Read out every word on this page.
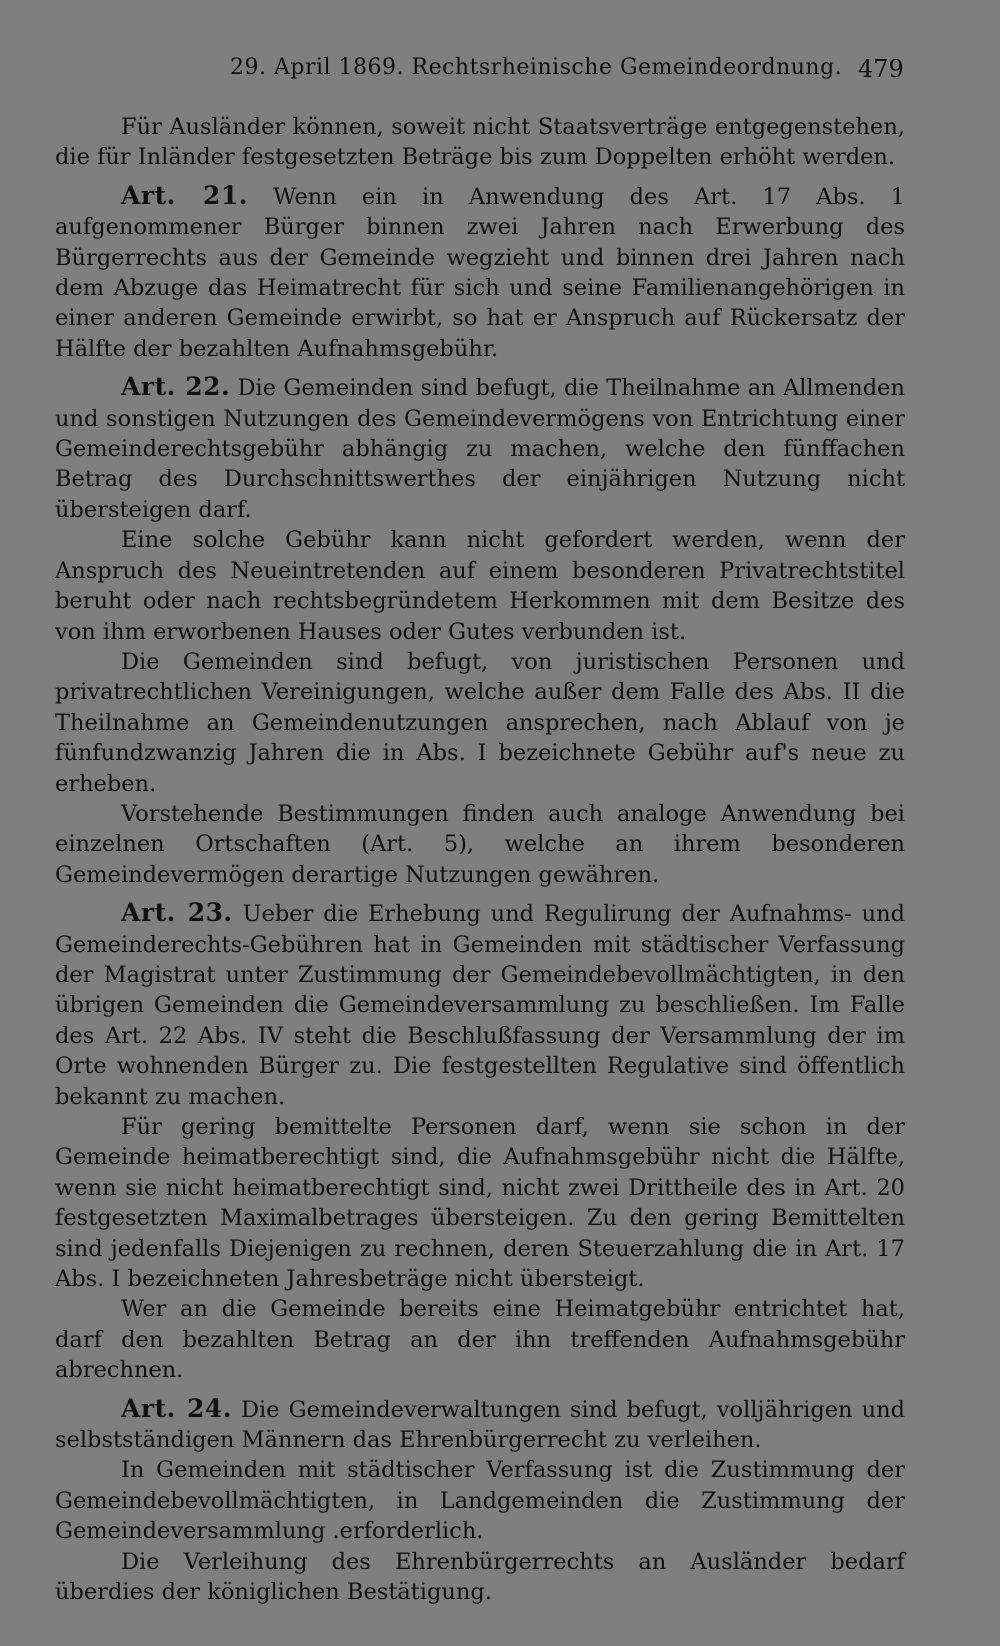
29. April 1869. Rechtsrheinische Gemeindeordnung. 479

Für Ausländer können, soweit nicht Staatsverträge entgegenstehen, die für Inländer festgesetzten Beträge bis zum Doppelten erhöht werden.

Art. 21. Wenn ein in Anwendung des Art. 17 Abs. 1 aufgenommener Bürger binnen zwei Jahren nach Erwerbung des Bürgerrechts aus der Gemeinde wegzieht und binnen drei Jahren nach dem Abzuge das Heimatrecht für sich und seine Familienangehörigen in einer anderen Gemeinde erwirbt, so hat er Anspruch auf Rückersatz der Hälfte der bezahlten Aufnahmsgebühr.

Art. 22. Die Gemeinden sind befugt, die Theilnahme an Allmenden und sonstigen Nutzungen des Gemeindevermögens von Entrichtung einer Gemeinderechtsgebühr abhängig zu machen, welche den fünffachen Betrag des Durchschnittswerthes der einjährigen Nutzung nicht übersteigen darf.

Eine solche Gebühr kann nicht gefordert werden, wenn der Anspruch des Neueintretenden auf einem besonderen Privatrechtstitel beruht oder nach rechtsbegründetem Herkommen mit dem Besitze des von ihm erworbenen Hauses oder Gutes verbunden ist.

Die Gemeinden sind befugt, von juristischen Personen und privatrechtlichen Vereinigungen, welche außer dem Falle des Abs. II die Theilnahme an Gemeindenutzungen ansprechen, nach Ablauf von je fünfundzwanzig Jahren die in Abs. I bezeichnete Gebühr auf's neue zu erheben.

Vorstehende Bestimmungen finden auch analoge Anwendung bei einzelnen Ortschaften (Art. 5), welche an ihrem besonderen Gemeindevermögen derartige Nutzungen gewähren.

Art. 23. Ueber die Erhebung und Regulirung der Aufnahms- und Gemeinderechts-Gebühren hat in Gemeinden mit städtischer Verfassung der Magistrat unter Zustimmung der Gemeindebevollmächtigten, in den übrigen Gemeinden die Gemeindeversammlung zu beschließen. Im Falle des Art. 22 Abs. IV steht die Beschlußfassung der Versammlung der im Orte wohnenden Bürger zu. Die festgestellten Regulative sind öffentlich bekannt zu machen.

Für gering bemittelte Personen darf, wenn sie schon in der Gemeinde heimatberechtigt sind, die Aufnahmsgebühr nicht die Hälfte, wenn sie nicht heimatberechtigt sind, nicht zwei Drittheile des in Art. 20 festgesetzten Maximalbetrages übersteigen. Zu den gering Bemittelten sind jedenfalls Diejenigen zu rechnen, deren Steuerzahlung die in Art. 17 Abs. I bezeichneten Jahresbeträge nicht übersteigt.

Wer an die Gemeinde bereits eine Heimatgebühr entrichtet hat, darf den bezahlten Betrag an der ihn treffenden Aufnahmsgebühr abrechnen.

Art. 24. Die Gemeindeverwaltungen sind befugt, volljährigen und selbstständigen Männern das Ehrenbürgerrecht zu verleihen.

In Gemeinden mit städtischer Verfassung ist die Zustimmung der Gemeindebevollmächtigten, in Landgemeinden die Zustimmung der Gemeindeversammlung .erforderlich.

Die Verleihung des Ehrenbürgerrechts an Ausländer bedarf überdies der königlichen Bestätigung.
